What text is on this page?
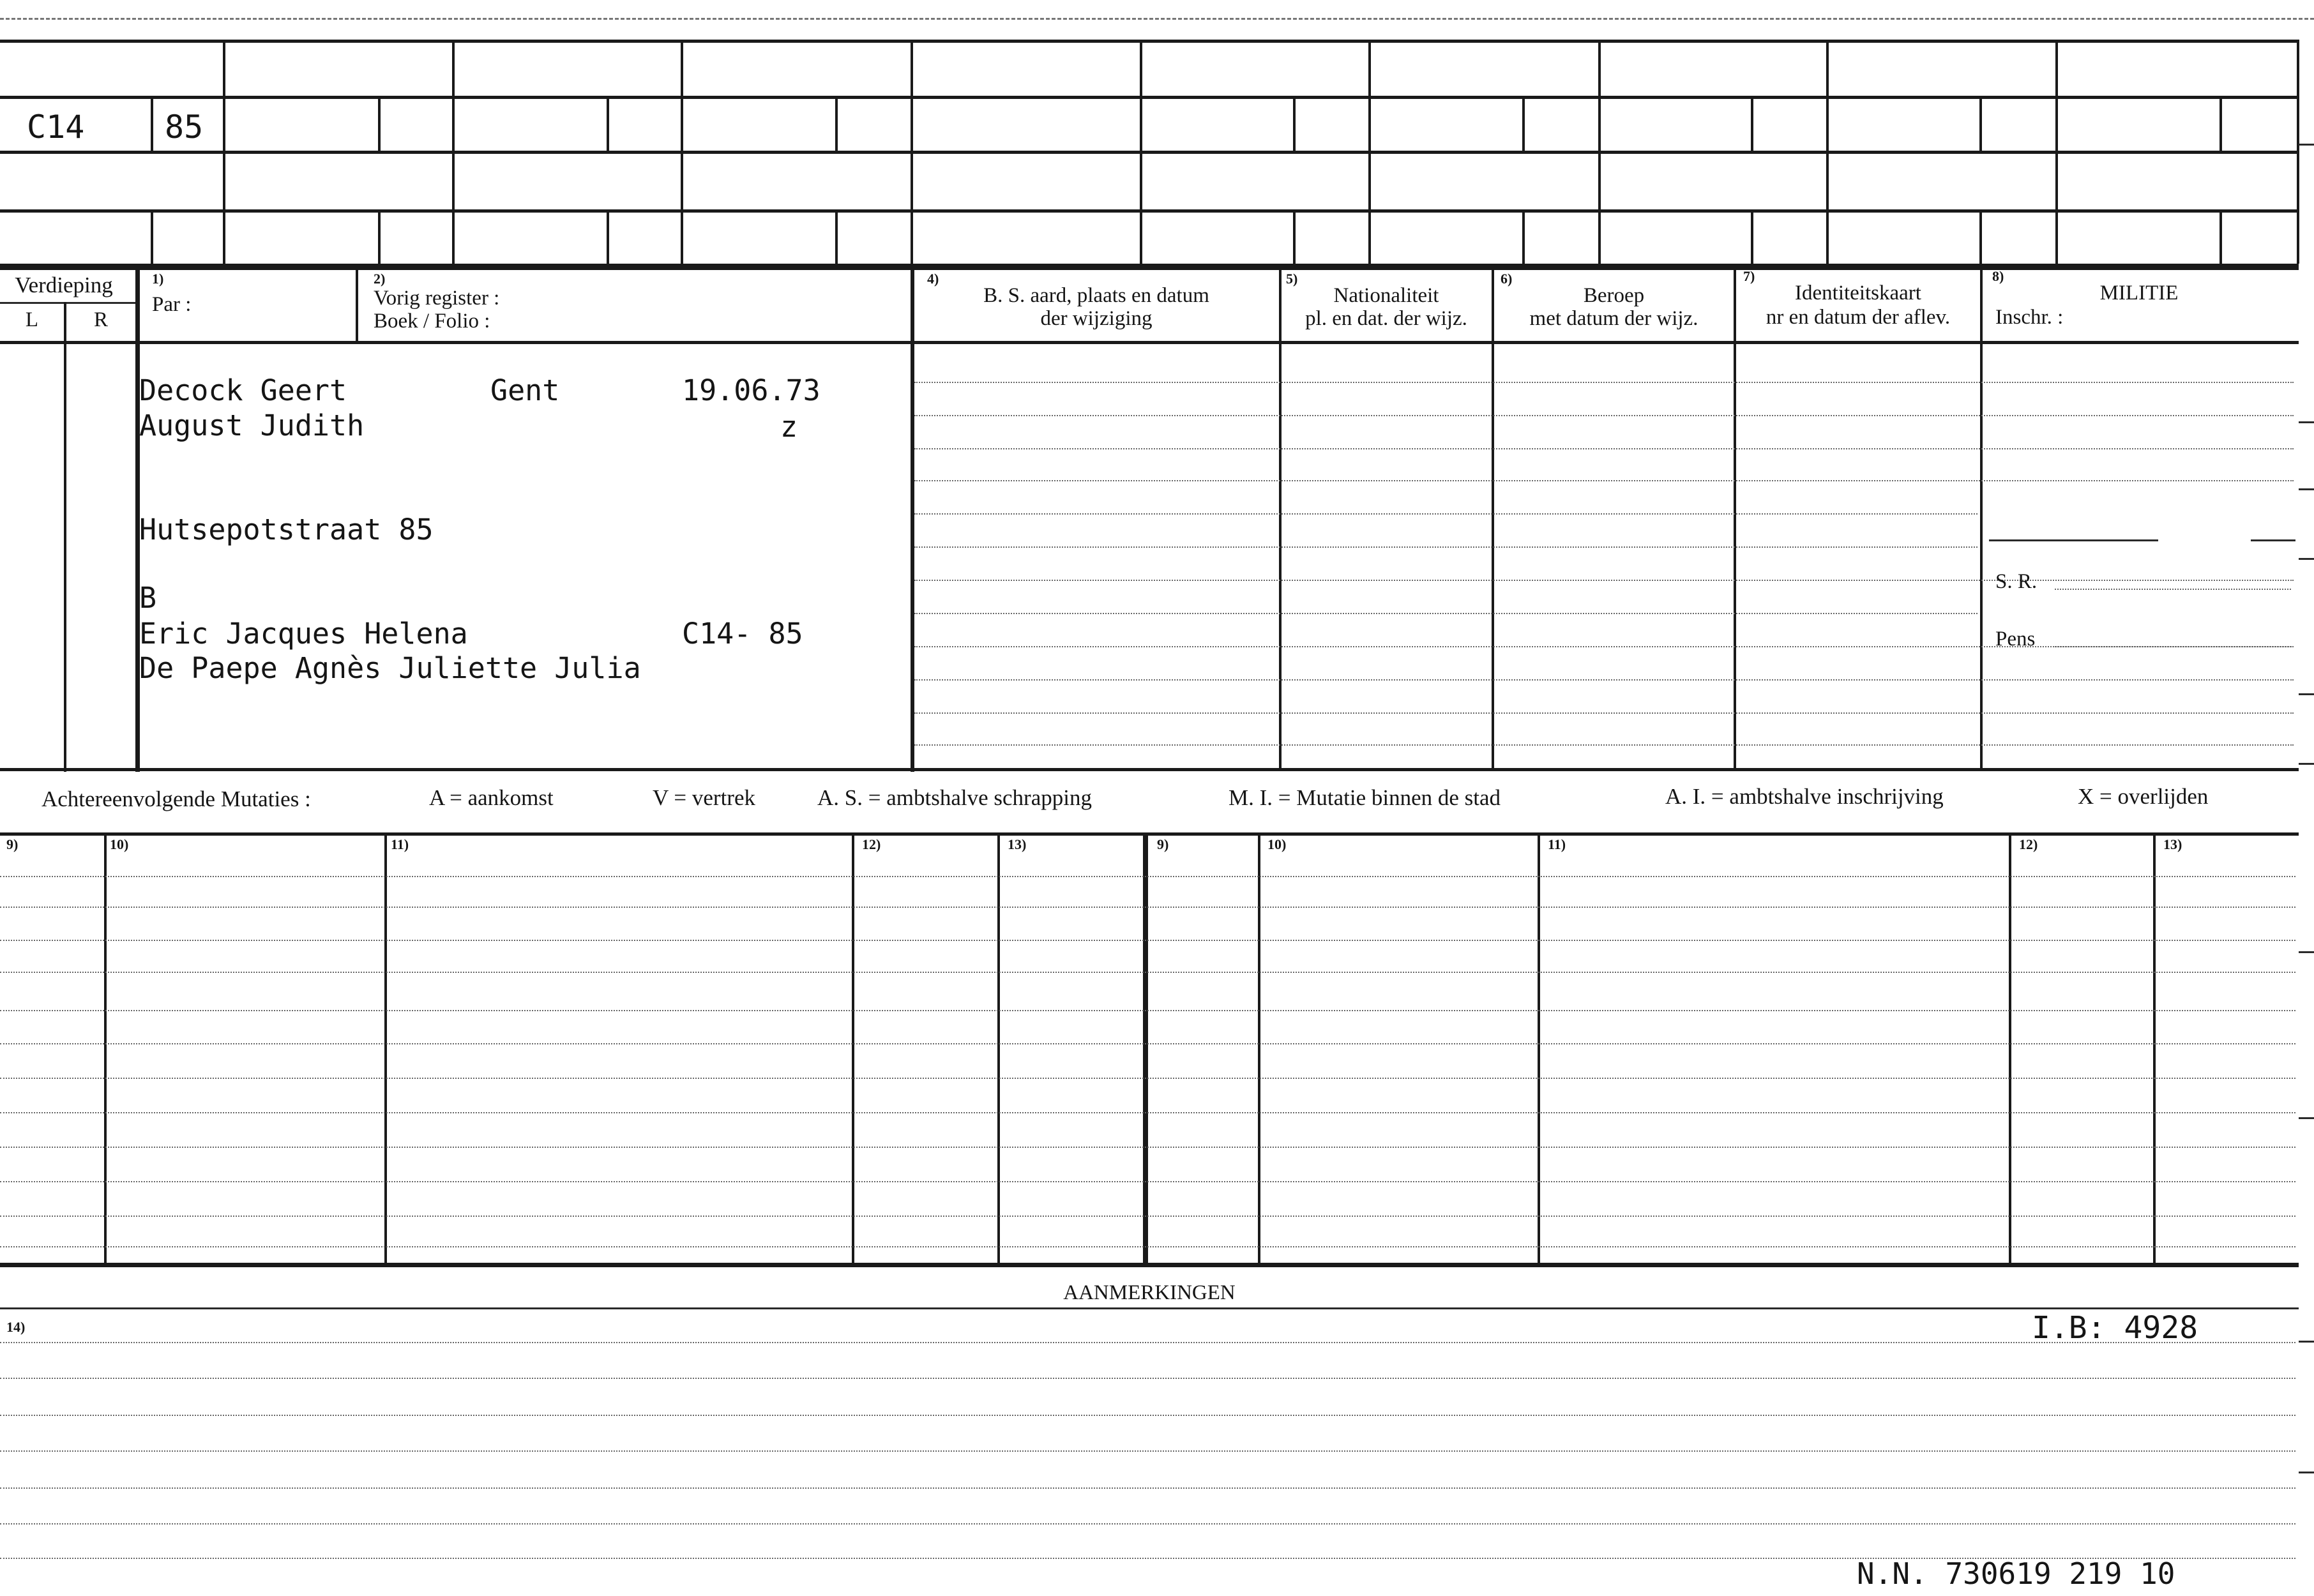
C14	85
Verdieping
L	R
1)
Par :
2)
Vorig register :
Boek / Folio :
4)
B. S. aard, plaats en datum
der wijziging
5)
Nationaliteit
pl. en dat. der wijz.
6)
Beroep
met datum der wijz.
7)
Identiteitskaart
nr en datum der aflev.
8)
MILITIE
Inschr. :
S. R.
Pens
Decock Geert	Gent	19.06.73
August Judith	z
Hutsepotstraat 85
B
Eric Jacques Helena	C14- 85
De Paepe Agnès Juliette Julia
Achtereenvolgende Mutaties :	A = aankomst	V = vertrek	A. S. = ambtshalve schrapping	M. I. = Mutatie binnen de stad	A. I. = ambtshalve inschrijving	X = overlijden
9)	10)	11)	12)	13)	9)	10)	11)	12)	13)
AANMERKINGEN
14)	I.B: 4928
N.N. 730619 219 10
